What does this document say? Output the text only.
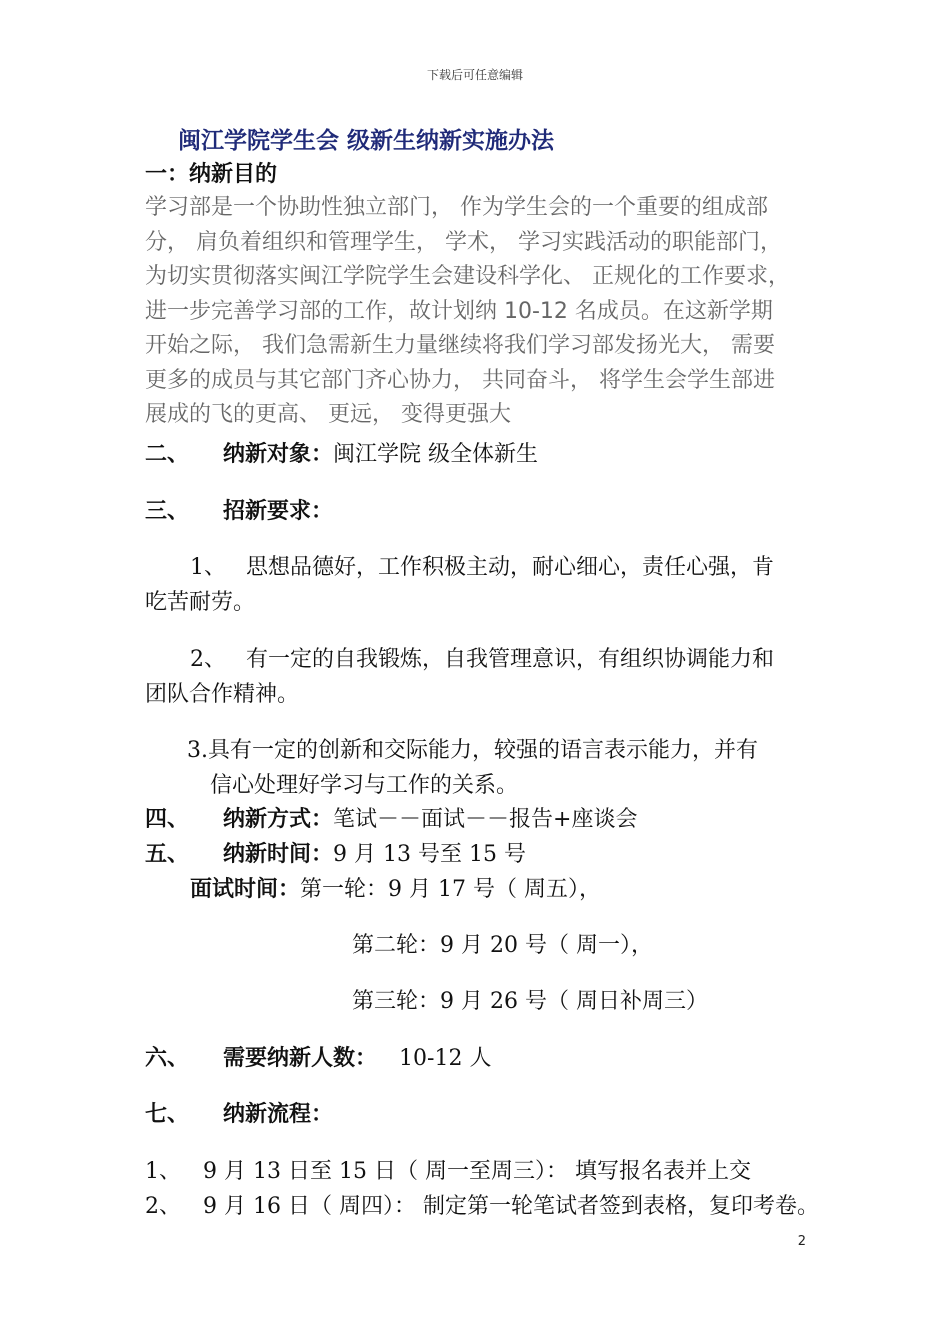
下载后可任意编辑
闽江学院学生会 级新生纳新实施办法
一：纳新目的
学习部是一个协助性独立部门， 作为学生会的一个重要的组成部
分， 肩负着组织和管理学生， 学术， 学习实践活动的职能部门，
为切实贯彻落实闽江学院学生会建设科学化、 正规化的工作要求，
进一步完善学习部的工作，故计划纳 10-12 名成员。在这新学期
开始之际， 我们急需新生力量继续将我们学习部发扬光大， 需要
更多的成员与其它部门齐心协力， 共同奋斗， 将学生会学生部进
展成的飞的更高、 更远， 变得更强大
二、 纳新对象：闽江学院 级全体新生
三、 招新要求：
1、 思想品德好，工作积极主动，耐心细心，责任心强，肯
吃苦耐劳。
2、 有一定的自我锻炼，自我管理意识，有组织协调能力和
团队合作精神。
3.具有一定的创新和交际能力，较强的语言表示能力，并有
信心处理好学习与工作的关系。
四、 纳新方式：笔试－－面试－－报告+座谈会
五、 纳新时间：9 月 13 号至 15 号
面试时间：第一轮：9 月 17 号（ 周五），
第二轮：9 月 20 号（ 周一），
第三轮：9 月 26 号（ 周日补周三）
六、 需要纳新人数： 10-12 人
七、 纳新流程：
1、 9 月 13 日至 15 日（ 周一至周三）： 填写报名表并上交
2、 9 月 16 日（ 周四）： 制定第一轮笔试者签到表格，复印考卷。
2
